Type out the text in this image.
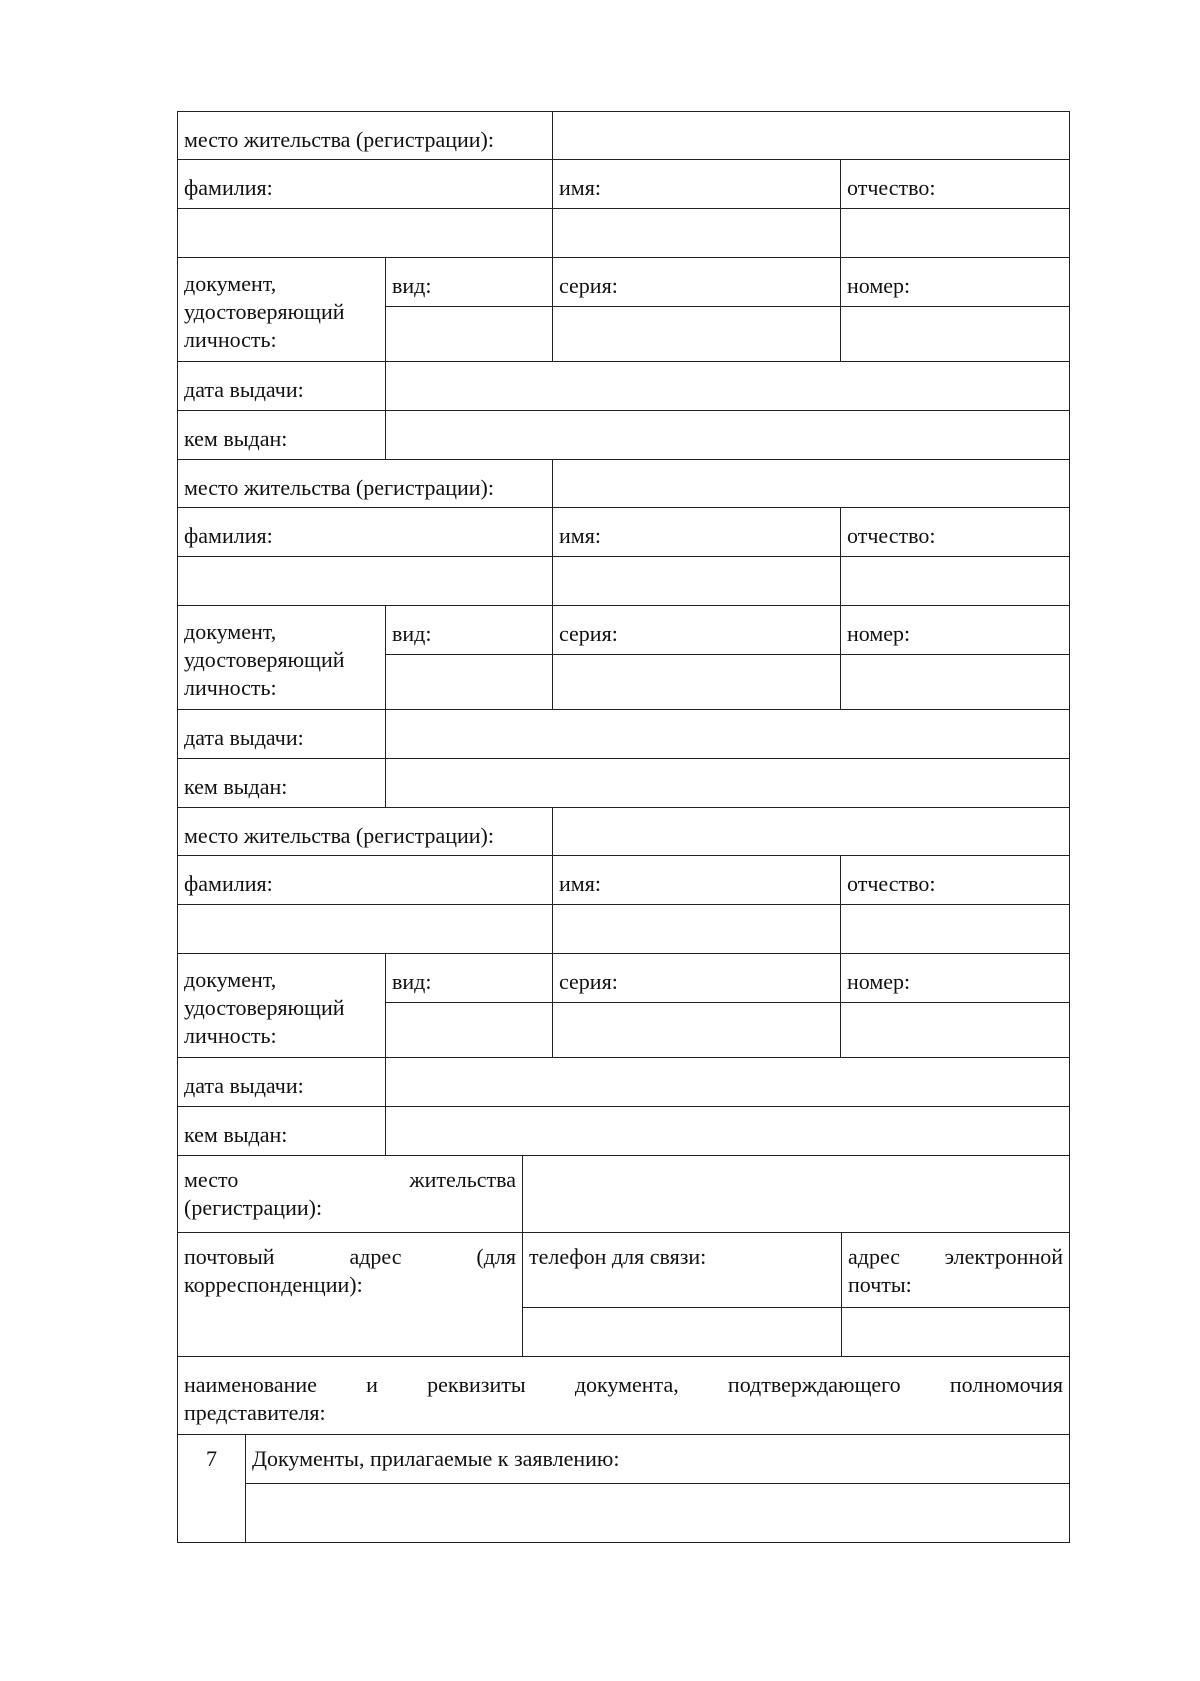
место жительства (регистрации):
фамилия:	имя:	отчество:
документ,
удостоверяющий
личность:
вид:	серия:	номер:
дата выдачи:
кем выдан:
место жительства (регистрации):
фамилия:	имя:	отчество:
документ,
удостоверяющий
личность:
вид:	серия:	номер:
дата выдачи:
кем выдан:
место жительства (регистрации):
фамилия:	имя:	отчество:
документ,
удостоверяющий
личность:
вид:	серия:	номер:
дата выдачи:
кем выдан:
место жительства
(регистрации):
почтовый адрес (для
корреспонденции):
телефон для связи:	адрес электронной
почты:
наименование и реквизиты документа, подтверждающего полномочия
представителя:
7	Документы, прилагаемые к заявлению:
